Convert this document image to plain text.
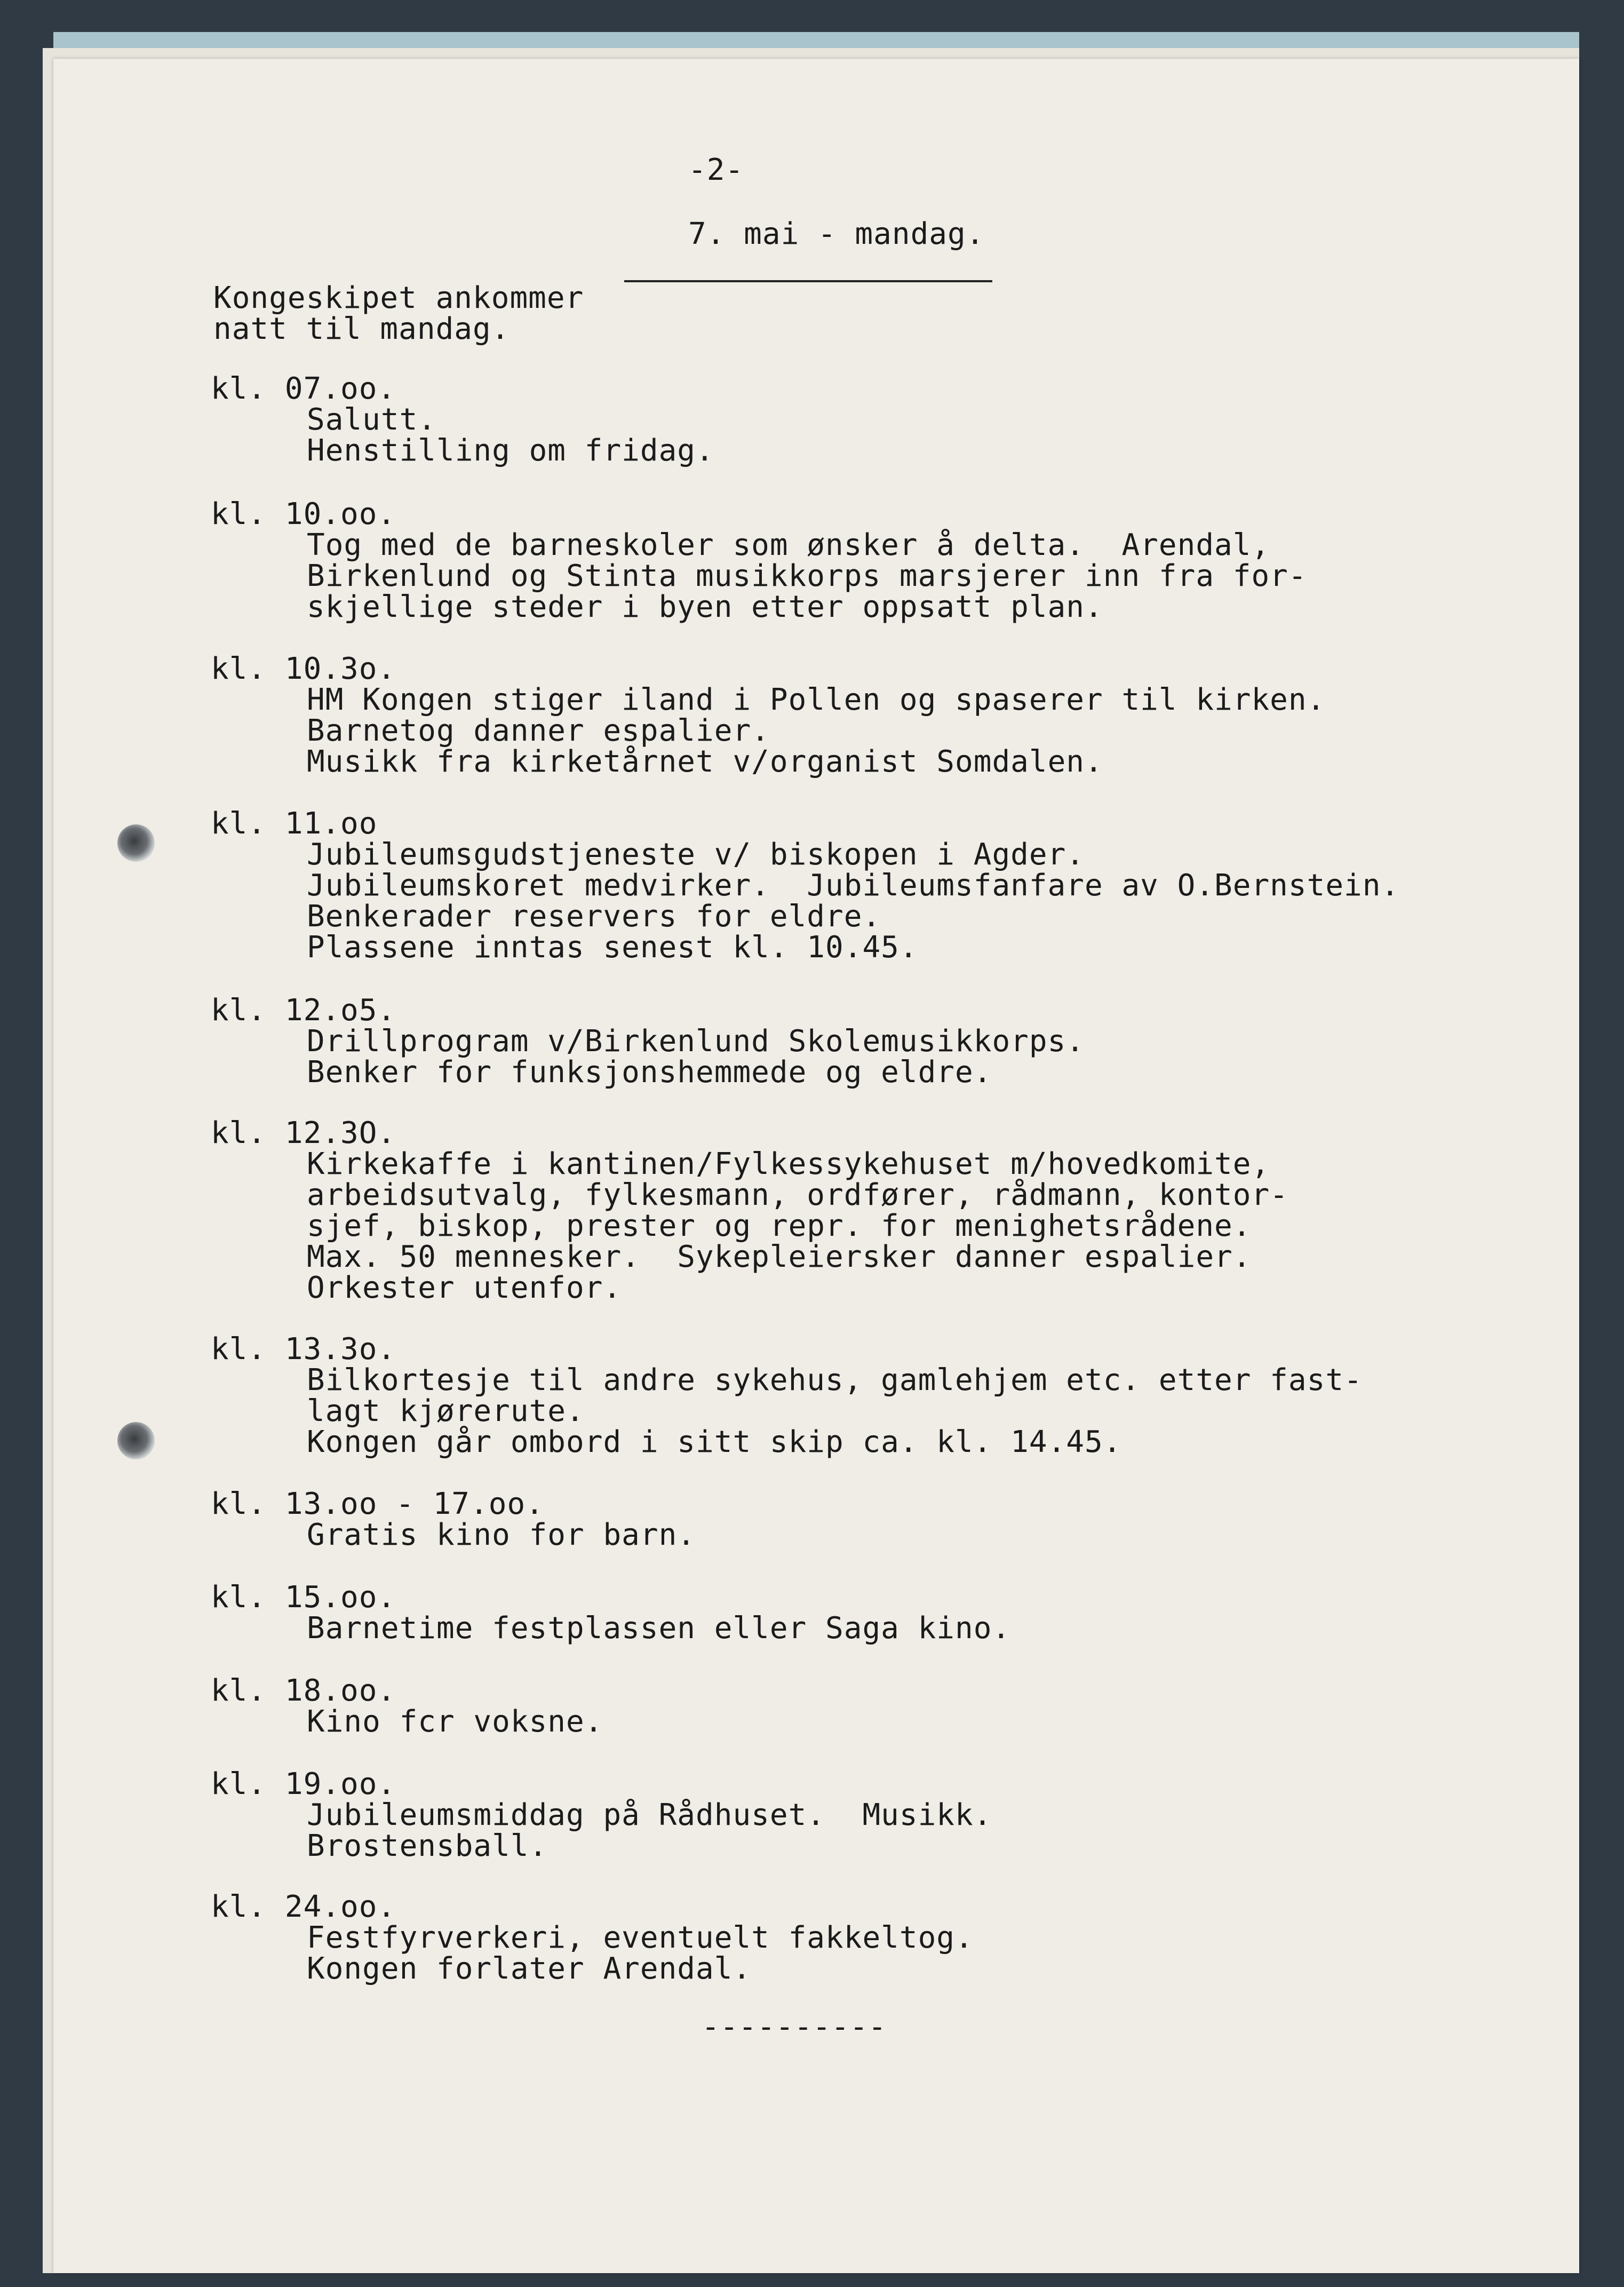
-2-
7. mai - mandag.
Kongeskipet ankommer
natt til mandag.
kl. 07.oo.
Salutt.
Henstilling om fridag.
kl. 10.oo.
Tog med de barneskoler som ønsker å delta.  Arendal,
Birkenlund og Stinta musikkorps marsjerer inn fra for-
skjellige steder i byen etter oppsatt plan.
kl. 10.3o.
HM Kongen stiger iland i Pollen og spaserer til kirken.
Barnetog danner espalier.
Musikk fra kirketårnet v/organist Somdalen.
kl. 11.oo
Jubileumsgudstjeneste v/ biskopen i Agder.
Jubileumskoret medvirker.  Jubileumsfanfare av O.Bernstein.
Benkerader reservers for eldre.
Plassene inntas senest kl. 10.45.
kl. 12.o5.
Drillprogram v/Birkenlund Skolemusikkorps.
Benker for funksjonshemmede og eldre.
kl. 12.3O.
Kirkekaffe i kantinen/Fylkessykehuset m/hovedkomite,
arbeidsutvalg, fylkesmann, ordfører, rådmann, kontor-
sjef, biskop, prester og repr. for menighetsrådene.
Max. 50 mennesker.  Sykepleiersker danner espalier.
Orkester utenfor.
kl. 13.3o.
Bilkortesje til andre sykehus, gamlehjem etc. etter fast-
lagt kjørerute.
Kongen går ombord i sitt skip ca. kl. 14.45.
kl. 13.oo - 17.oo.
Gratis kino for barn.
kl. 15.oo.
Barnetime festplassen eller Saga kino.
kl. 18.oo.
Kino fcr voksne.
kl. 19.oo.
Jubileumsmiddag på Rådhuset.  Musikk.
Brostensball.
kl. 24.oo.
Festfyrverkeri, eventuelt fakkeltog.
Kongen forlater Arendal.
----------
